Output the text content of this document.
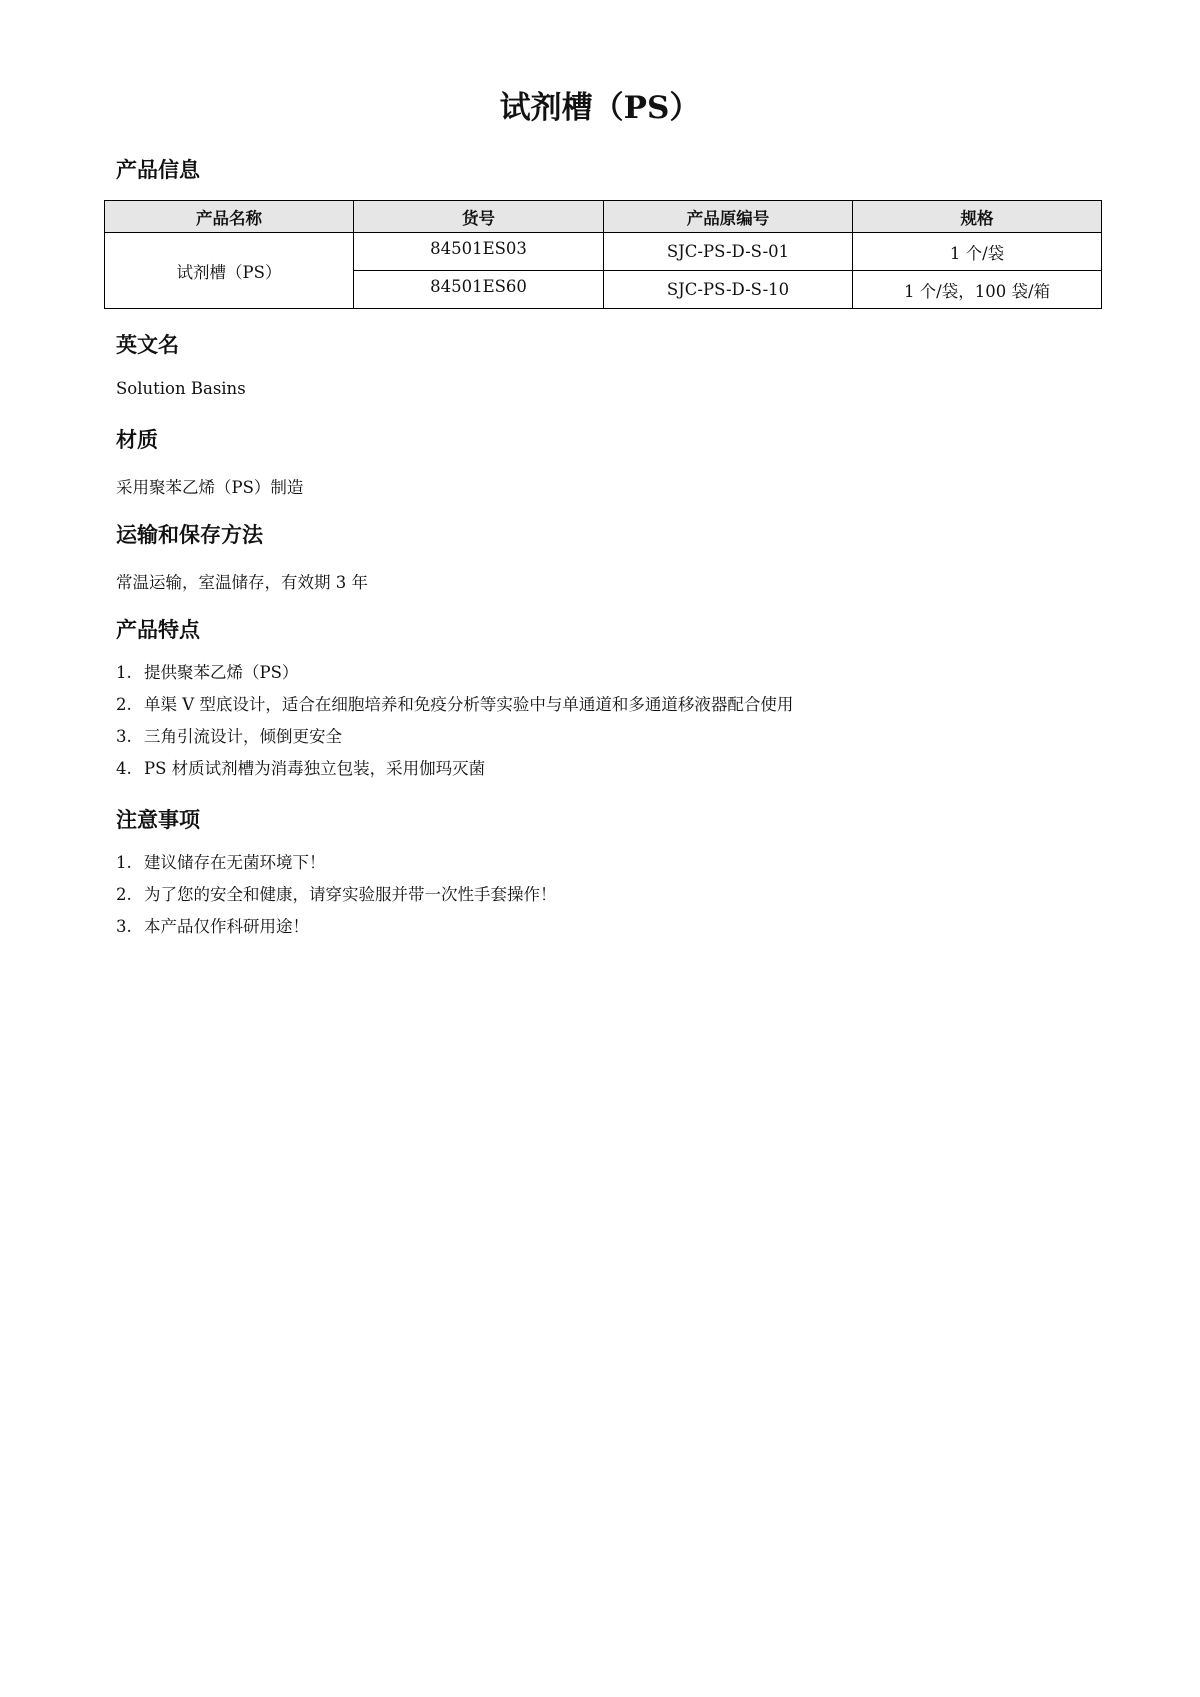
试剂槽（PS）
产品信息
产品名称	货号	产品原编号	规格
试剂槽（PS）	84501ES03	SJC-PS-D-S-01	1 个/袋
	84501ES60	SJC-PS-D-S-10	1 个/袋，100 袋/箱
英文名

Solution Basins

材质

采用聚苯乙烯（PS）制造

运输和保存方法

常温运输，室温储存，有效期 3 年

产品特点
1. 提供聚苯乙烯（PS）
2. 单渠 V 型底设计，适合在细胞培养和免疫分析等实验中与单通道和多通道移液器配合使用
3. 三角引流设计，倾倒更安全
4. PS 材质试剂槽为消毒独立包装，采用伽玛灭菌
注意事项
1. 建议储存在无菌环境下！
2. 为了您的安全和健康，请穿实验服并带一次性手套操作！
3. 本产品仅作科研用途！
